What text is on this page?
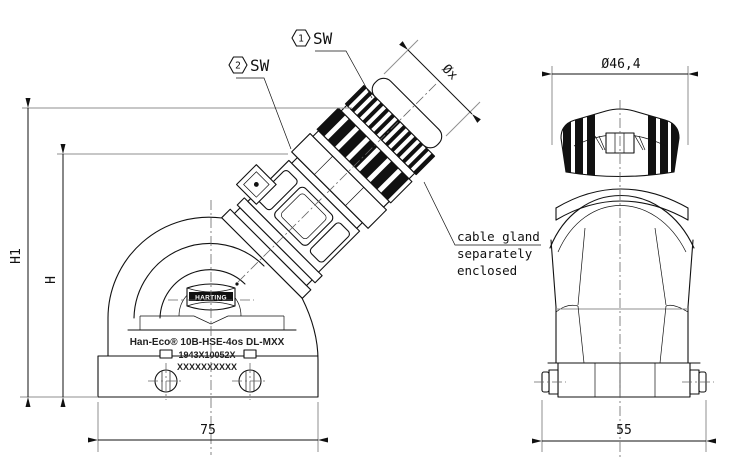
HARTING
Han-Eco® 10B-HSE-4os DL-MXX
1943X10052X
XXXXXXXXXX
H1
H
75	55
Ø46,4
Øx
1 SW
2 SW
cable gland
separately
enclosed
